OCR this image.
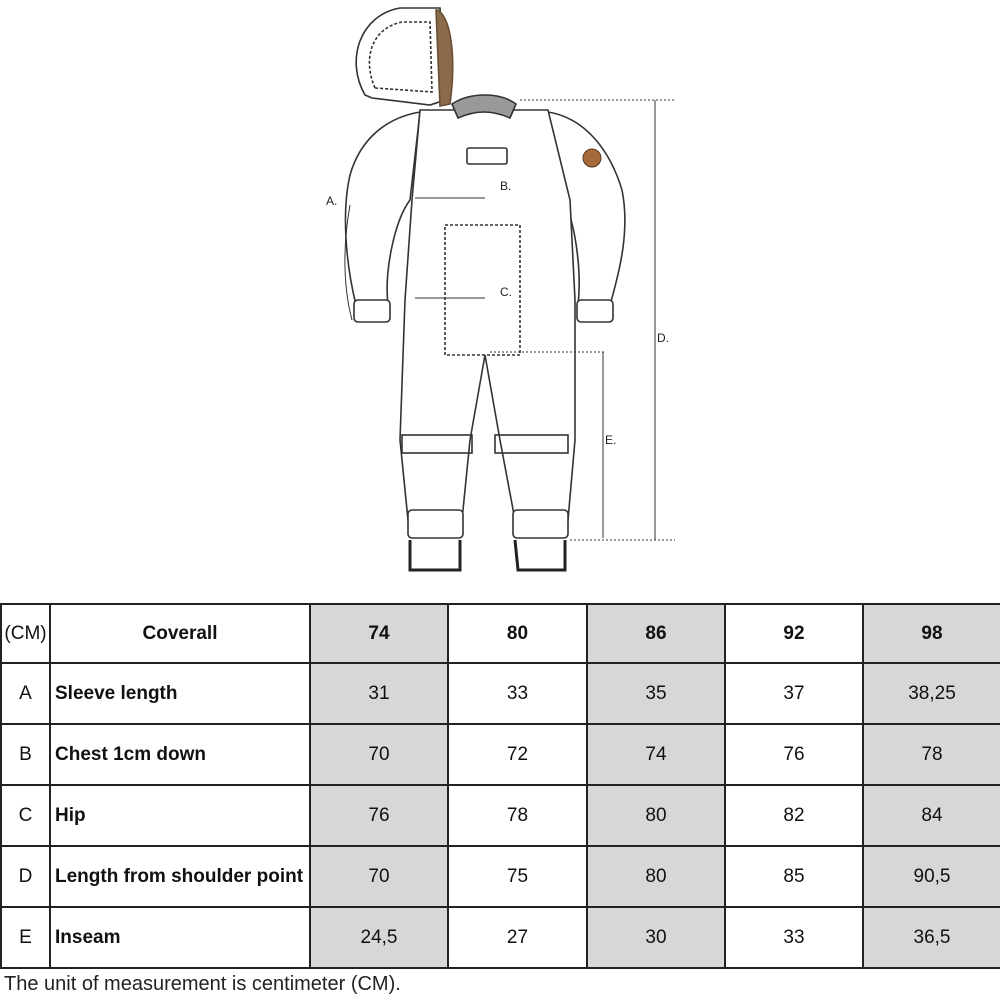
A.
B.
C.
D.
E.
(CM)	Coverall	74	80	86	92	98
A	Sleeve length	31	33	35	37	38,25
B	Chest 1cm down	70	72	74	76	78
C	Hip	76	78	80	82	84
D	Length from shoulder point	70	75	80	85	90,5
E	Inseam	24,5	27	30	33	36,5
The unit of measurement is centimeter (CM).
